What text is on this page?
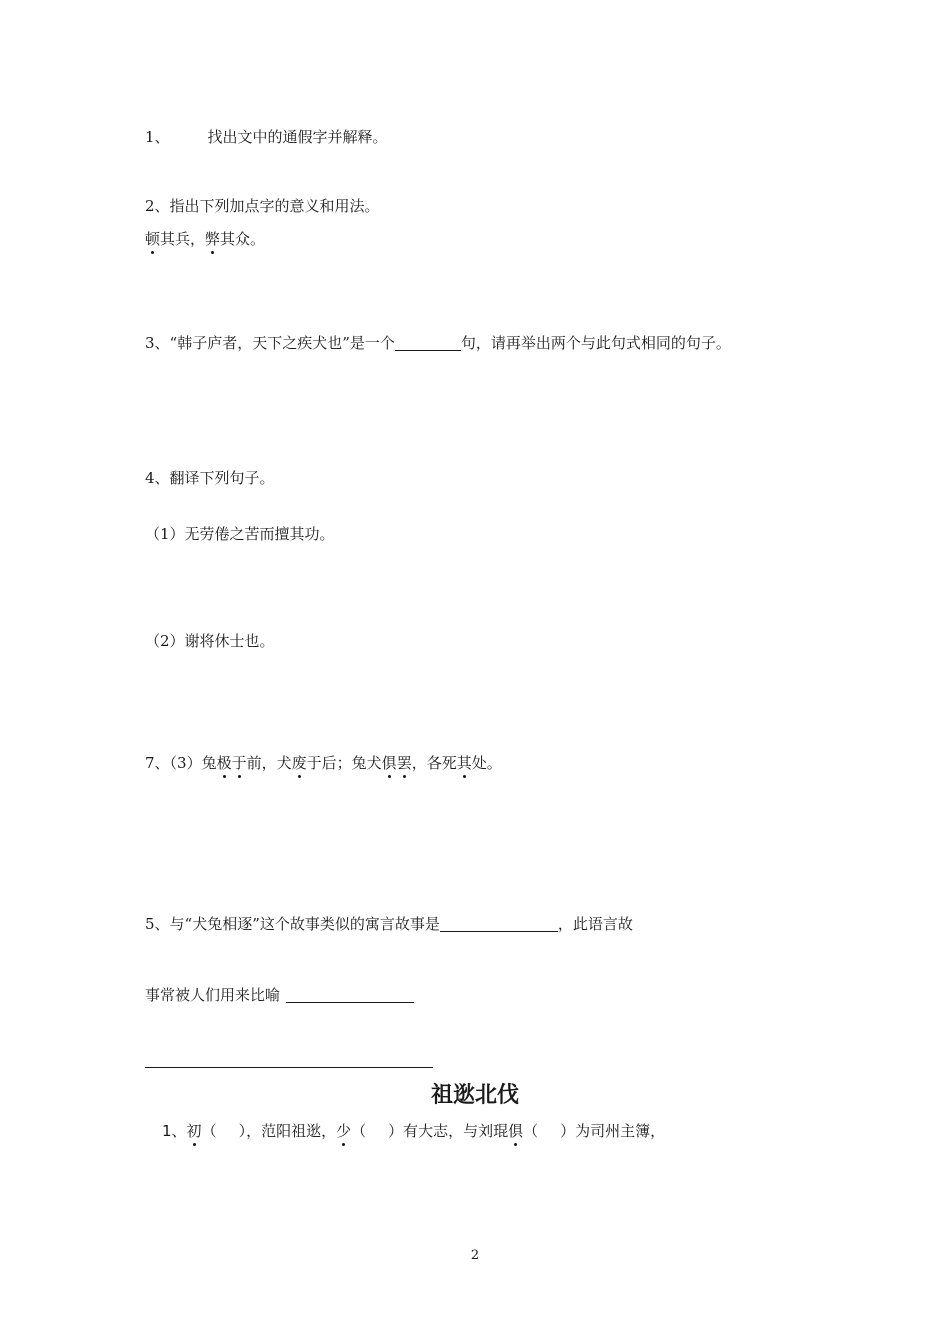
1、	找出文中的通假字并解释。
2、指出下列加点字的意义和用法。
顿其兵，弊其众。
3、“韩子庐者，天下之疾犬也”是一个	句，请再举出两个与此句式相同的句子。
4、翻译下列句子。
（1）无劳倦之苦而擅其功。
（2）谢将休士也。
7、（3）兔极于前，犬废于后；兔犬俱罢，各死其处。
5、与“犬兔相逐”这个故事类似的寓言故事是	，此语言故
事常被人们用来比喻
祖逖北伐
1、初（ ），范阳祖逖，少（ ）有大志，与刘琨俱（ ）为司州主簿，
2
